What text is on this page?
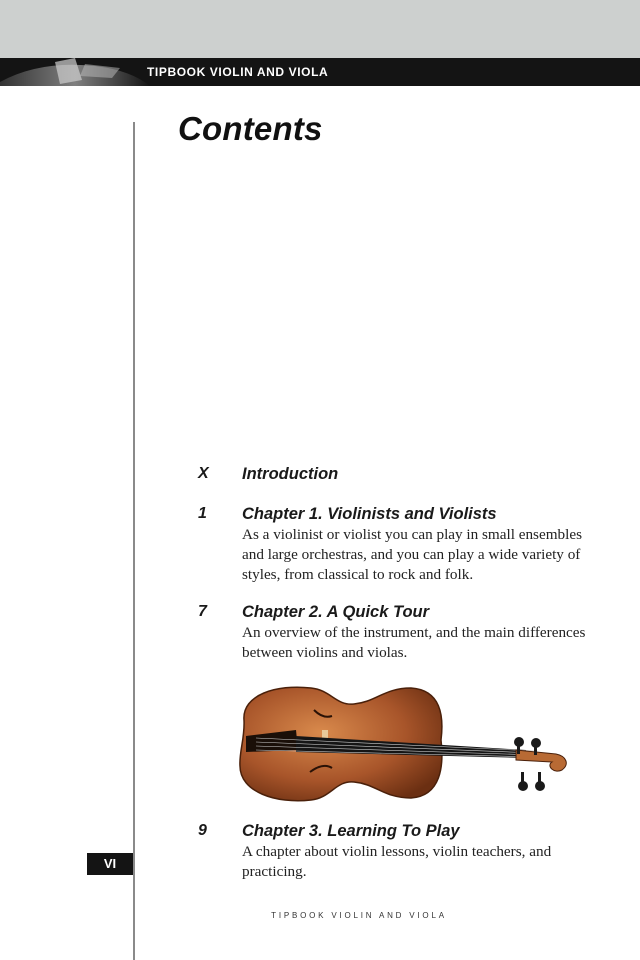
TIPBOOK VIOLIN AND VIOLA
VI
Contents
X Introduction
1 Chapter 1. Violinists and Violists
As a violinist or violist you can play in small ensembles and large orchestras, and you can play a wide variety of styles, from classical to rock and folk.
7 Chapter 2. A Quick Tour
An overview of the instrument, and the main differences between violins and violas.
9 Chapter 3. Learning To Play
A chapter about violin lessons, violin teachers, and practicing.
TIPBOOK VIOLIN AND VIOLA
